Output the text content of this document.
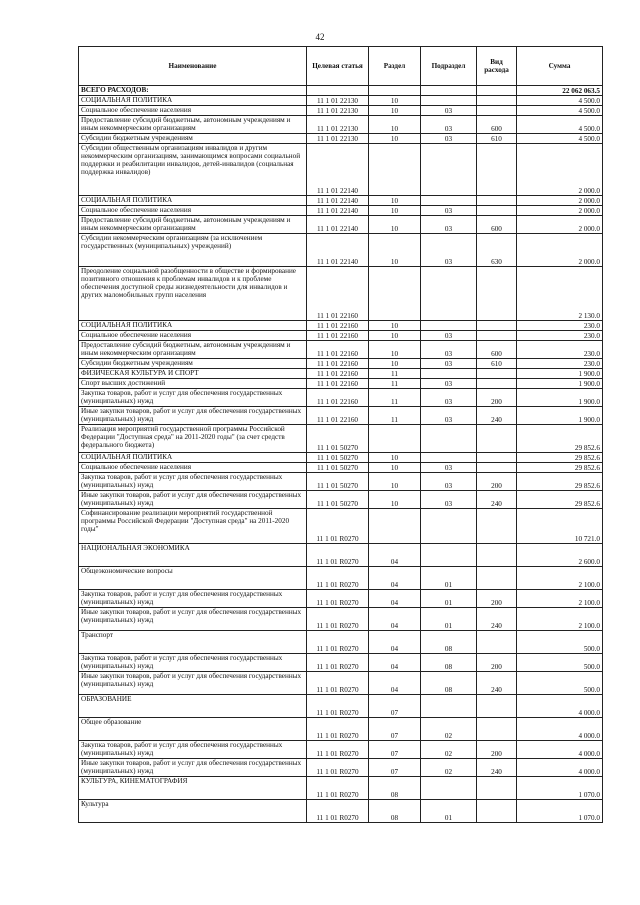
42
Наименование	Целевая статья	Раздел	Подраздел	Вид расхода	Сумма
ВСЕГО РАСХОДОВ:					22 062 063.5
СОЦИАЛЬНАЯ ПОЛИТИКА	11 1 01 22130	10			4 500.0
Социальное обеспечение населения	11 1 01 22130	10	03		4 500.0
Предоставление субсидий бюджетным, автономным учреждениям и иным некоммерческим организациям	11 1 01 22130	10	03	600	4 500.0
Субсидии бюджетным учреждениям	11 1 01 22130	10	03	610	4 500.0
Субсидии общественным организациям инвалидов и другим некоммерческим организациям, занимающимся вопросами социальной поддержки и реабилитации инвалидов, детей-инвалидов (социальная поддержка инвалидов)	11 1 01 22140				2 000.0
СОЦИАЛЬНАЯ ПОЛИТИКА	11 1 01 22140	10			2 000.0
Социальное обеспечение населения	11 1 01 22140	10	03		2 000.0
Предоставление субсидий бюджетным, автономным учреждениям и иным некоммерческим организациям	11 1 01 22140	10	03	600	2 000.0
Субсидии некоммерческим организациям (за исключением государственных (муниципальных) учреждений)	11 1 01 22140	10	03	630	2 000.0
Преодоление социальной разобщенности в обществе и формирование позитивного отношения к проблемам инвалидов и к проблеме обеспечения доступной среды жизнедеятельности для инвалидов и других маломобильных групп населения	11 1 01 22160				2 130.0
СОЦИАЛЬНАЯ ПОЛИТИКА	11 1 01 22160	10			230.0
Социальное обеспечение населения	11 1 01 22160	10	03		230.0
Предоставление субсидий бюджетным, автономным учреждениям и иным некоммерческим организациям	11 1 01 22160	10	03	600	230.0
Субсидии бюджетным учреждениям	11 1 01 22160	10	03	610	230.0
ФИЗИЧЕСКАЯ КУЛЬТУРА И СПОРТ	11 1 01 22160	11			1 900.0
Спорт высших достижений	11 1 01 22160	11	03		1 900.0
Закупка товаров, работ и услуг для обеспечения государственных (муниципальных) нужд	11 1 01 22160	11	03	200	1 900.0
Иные закупки товаров, работ и услуг для обеспечения государственных (муниципальных) нужд	11 1 01 22160	11	03	240	1 900.0
Реализация мероприятий государственной программы Российской Федерации "Доступная среда" на 2011-2020 годы" (за счет средств федерального бюджета)	11 1 01 50270				29 852.6
СОЦИАЛЬНАЯ ПОЛИТИКА	11 1 01 50270	10			29 852.6
Социальное обеспечение населения	11 1 01 50270	10	03		29 852.6
Закупка товаров, работ и услуг для обеспечения государственных (муниципальных) нужд	11 1 01 50270	10	03	200	29 852.6
Иные закупки товаров, работ и услуг для обеспечения государственных (муниципальных) нужд	11 1 01 50270	10	03	240	29 852.6
Софинансирование реализации мероприятий государственной программы Российской Федерации "Доступная среда" на 2011-2020 годы"	11 1 01 R0270				10 721.0
НАЦИОНАЛЬНАЯ ЭКОНОМИКА	11 1 01 R0270	04			2 600.0
Общеэкономические вопросы	11 1 01 R0270	04	01		2 100.0
Закупка товаров, работ и услуг для обеспечения государственных (муниципальных) нужд	11 1 01 R0270	04	01	200	2 100.0
Иные закупки товаров, работ и услуг для обеспечения государственных (муниципальных) нужд	11 1 01 R0270	04	01	240	2 100.0
Транспорт	11 1 01 R0270	04	08		500.0
Закупка товаров, работ и услуг для обеспечения государственных (муниципальных) нужд	11 1 01 R0270	04	08	200	500.0
Иные закупки товаров, работ и услуг для обеспечения государственных (муниципальных) нужд	11 1 01 R0270	04	08	240	500.0
ОБРАЗОВАНИЕ	11 1 01 R0270	07			4 000.0
Общее образование	11 1 01 R0270	07	02		4 000.0
Закупка товаров, работ и услуг для обеспечения государственных (муниципальных) нужд	11 1 01 R0270	07	02	200	4 000.0
Иные закупки товаров, работ и услуг для обеспечения государственных (муниципальных) нужд	11 1 01 R0270	07	02	240	4 000.0
КУЛЬТУРА, КИНЕМАТОГРАФИЯ	11 1 01 R0270	08			1 070.0
Культура	11 1 01 R0270	08	01		1 070.0
